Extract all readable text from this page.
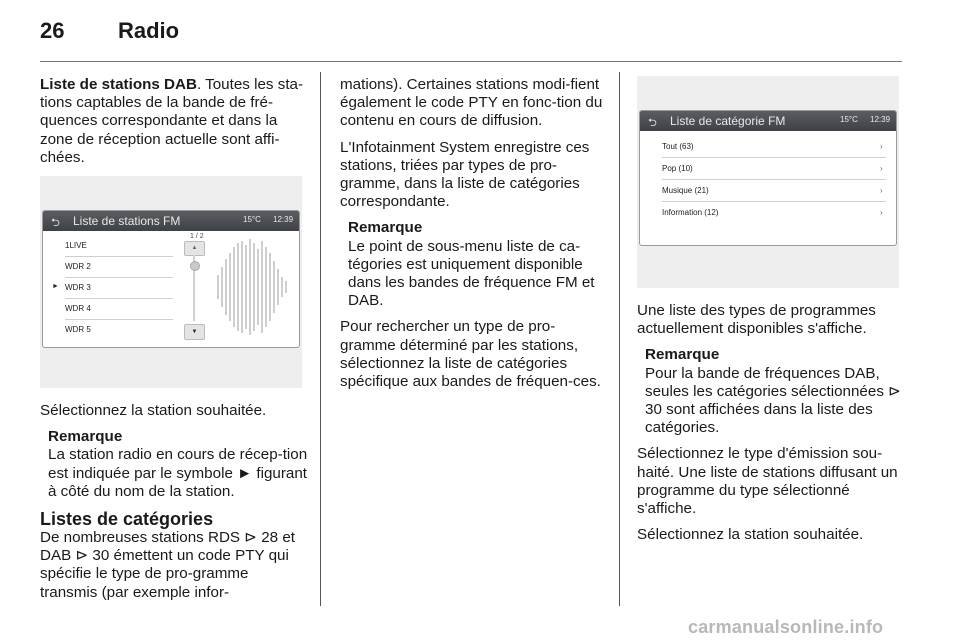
26 Radio

Liste de stations DAB. Toutes les sta-tions captables de la bande de fré-quences correspondante et dans la zone de réception actuelle sont affi-chées.

⮌ Liste de stations FM	15°C 12:39
1 / 2
1LIVE
WDR 2
WDR 3
►
WDR 4
WDR 5
▲
▼

Sélectionnez la station souhaitée.

Remarque
La station radio en cours de récep-tion est indiquée par le symbole ► figurant à côté du nom de la station.
Listes de catégories

De nombreuses stations RDS ⊳ 28 et DAB ⊳ 30 émettent un code PTY qui spécifie le type de pro-gramme transmis (par exemple infor-

mations). Certaines stations modi-fient également le code PTY en fonc-tion du contenu en cours de diffusion.

L'Infotainment System enregistre ces stations, triées par types de pro-gramme, dans la liste de catégories correspondante.

Remarque
Le point de sous-menu liste de ca-tégories est uniquement disponible dans les bandes de fréquence FM et DAB.

Pour rechercher un type de pro-gramme déterminé par les stations, sélectionnez la liste de catégories spécifique aux bandes de fréquen-ces.

⮌ Liste de catégorie FM	15°C 12:39
Tout (63)	›
Pop (10)	›
Musique (21)	›
Information (12)	›

Une liste des types de programmes actuellement disponibles s'affiche.

Remarque
Pour la bande de fréquences DAB, seules les catégories sélectionnées ⊳ 30 sont affichées dans la liste des catégories.

Sélectionnez le type d'émission sou-haité. Une liste de stations diffusant un programme du type sélectionné s'affiche.

Sélectionnez la station souhaitée.

carmanualsonline.info
